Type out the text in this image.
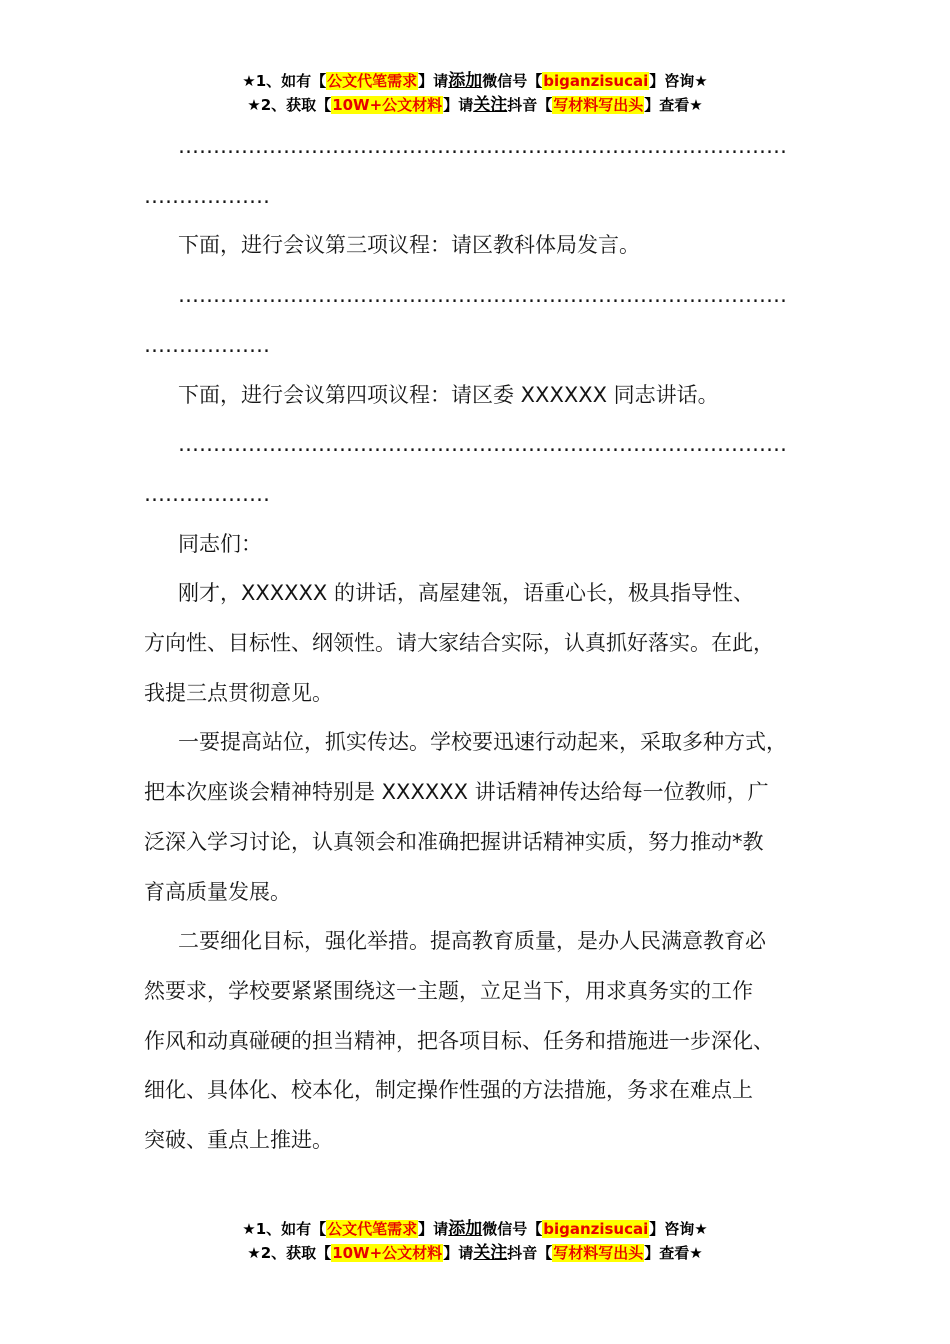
★1、如有【公文代笔需求】请添加微信号【biganzisucai】咨询★
★2、获取【10W+公文材料】请关注抖音【写材料写出头】查看★

……………………………………………………………………………

………………

下面，进行会议第三项议程：请区教科体局发言。

……………………………………………………………………………

………………

下面，进行会议第四项议程：请区委 XXXXXX 同志讲话。

……………………………………………………………………………

………………

同志们：

刚才，XXXXXX 的讲话，高屋建瓴，语重心长，极具指导性、

方向性、目标性、纲领性。请大家结合实际，认真抓好落实。在此，

我提三点贯彻意见。

一要提高站位，抓实传达。学校要迅速行动起来，采取多种方式，

把本次座谈会精神特别是 XXXXXX 讲话精神传达给每一位教师，广

泛深入学习讨论，认真领会和准确把握讲话精神实质，努力推动*教

育高质量发展。

二要细化目标，强化举措。提高教育质量，是办人民满意教育必

然要求，学校要紧紧围绕这一主题，立足当下，用求真务实的工作

作风和动真碰硬的担当精神，把各项目标、任务和措施进一步深化、

细化、具体化、校本化，制定操作性强的方法措施，务求在难点上

突破、重点上推进。

★1、如有【公文代笔需求】请添加微信号【biganzisucai】咨询★
★2、获取【10W+公文材料】请关注抖音【写材料写出头】查看★
